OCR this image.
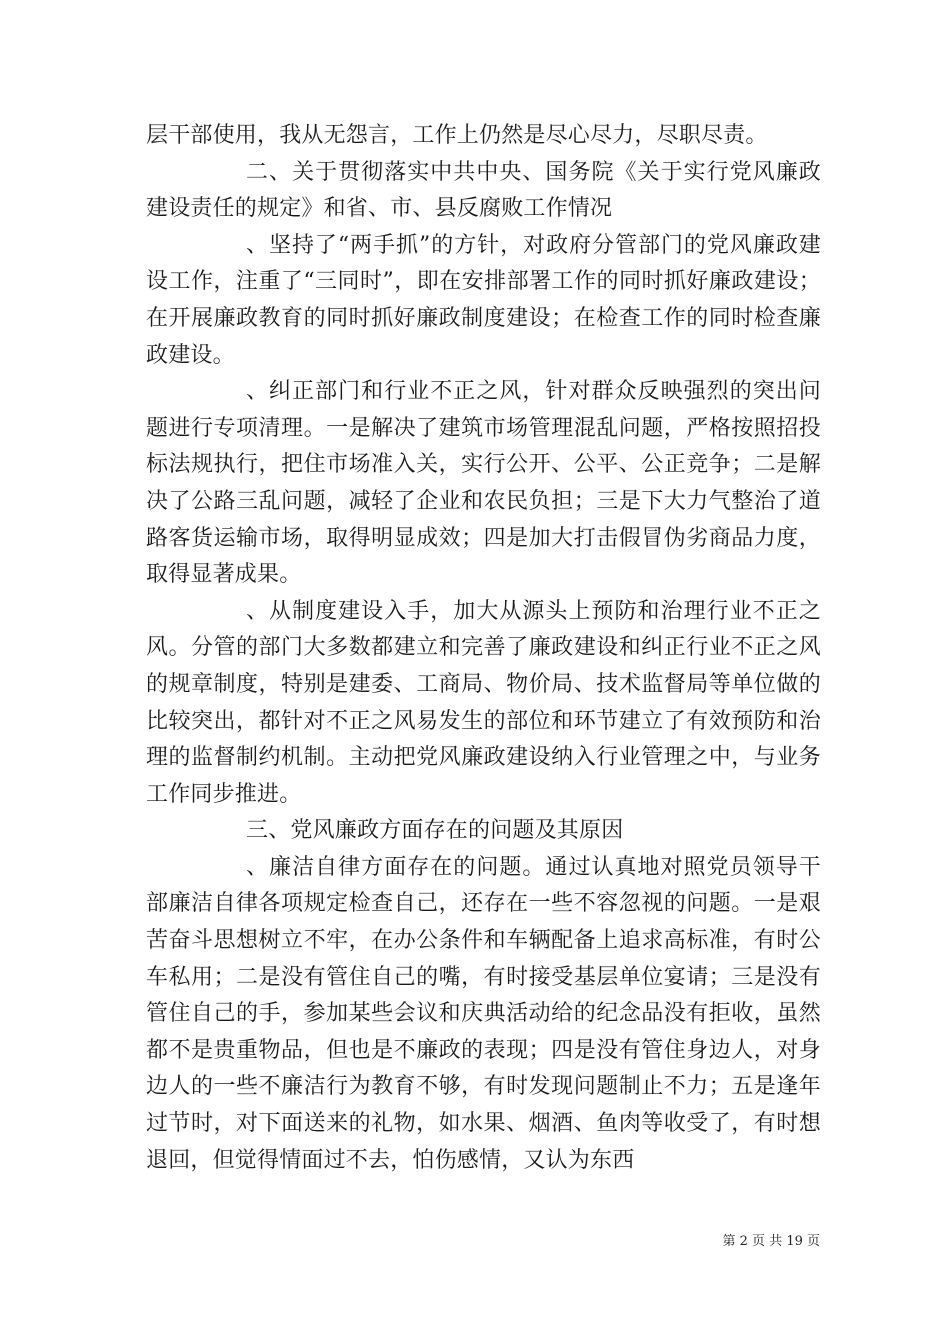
层干部使用，我从无怨言，工作上仍然是尽心尽力，尽职尽责。

二、关于贯彻落实中共中央、国务院《关于实行党风廉政建设责任的规定》和省、市、县反腐败工作情况

、坚持了“两手抓”的方针，对政府分管部门的党风廉政建设工作，注重了“三同时”，即在安排部署工作的同时抓好廉政建设；在开展廉政教育的同时抓好廉政制度建设；在检查工作的同时检查廉政建设。

、纠正部门和行业不正之风，针对群众反映强烈的突出问题进行专项清理。一是解决了建筑市场管理混乱问题，严格按照招投标法规执行，把住市场准入关，实行公开、公平、公正竞争；二是解决了公路三乱问题，减轻了企业和农民负担；三是下大力气整治了道路客货运输市场，取得明显成效；四是加大打击假冒伪劣商品力度，取得显著成果。

、从制度建设入手，加大从源头上预防和治理行业不正之风。分管的部门大多数都建立和完善了廉政建设和纠正行业不正之风的规章制度，特别是建委、工商局、物价局、技术监督局等单位做的比较突出，都针对不正之风易发生的部位和环节建立了有效预防和治理的监督制约机制。主动把党风廉政建设纳入行业管理之中，与业务工作同步推进。

三、党风廉政方面存在的问题及其原因

、廉洁自律方面存在的问题。通过认真地对照党员领导干部廉洁自律各项规定检查自己，还存在一些不容忽视的问题。一是艰苦奋斗思想树立不牢，在办公条件和车辆配备上追求高标准，有时公车私用；二是没有管住自己的嘴，有时接受基层单位宴请；三是没有管住自己的手，参加某些会议和庆典活动给的纪念品没有拒收，虽然都不是贵重物品，但也是不廉政的表现；四是没有管住身边人，对身边人的一些不廉洁行为教育不够，有时发现问题制止不力；五是逢年过节时，对下面送来的礼物，如水果、烟酒、鱼肉等收受了，有时想退回，但觉得情面过不去，怕伤感情，又认为东西

第 2 页 共 19 页
